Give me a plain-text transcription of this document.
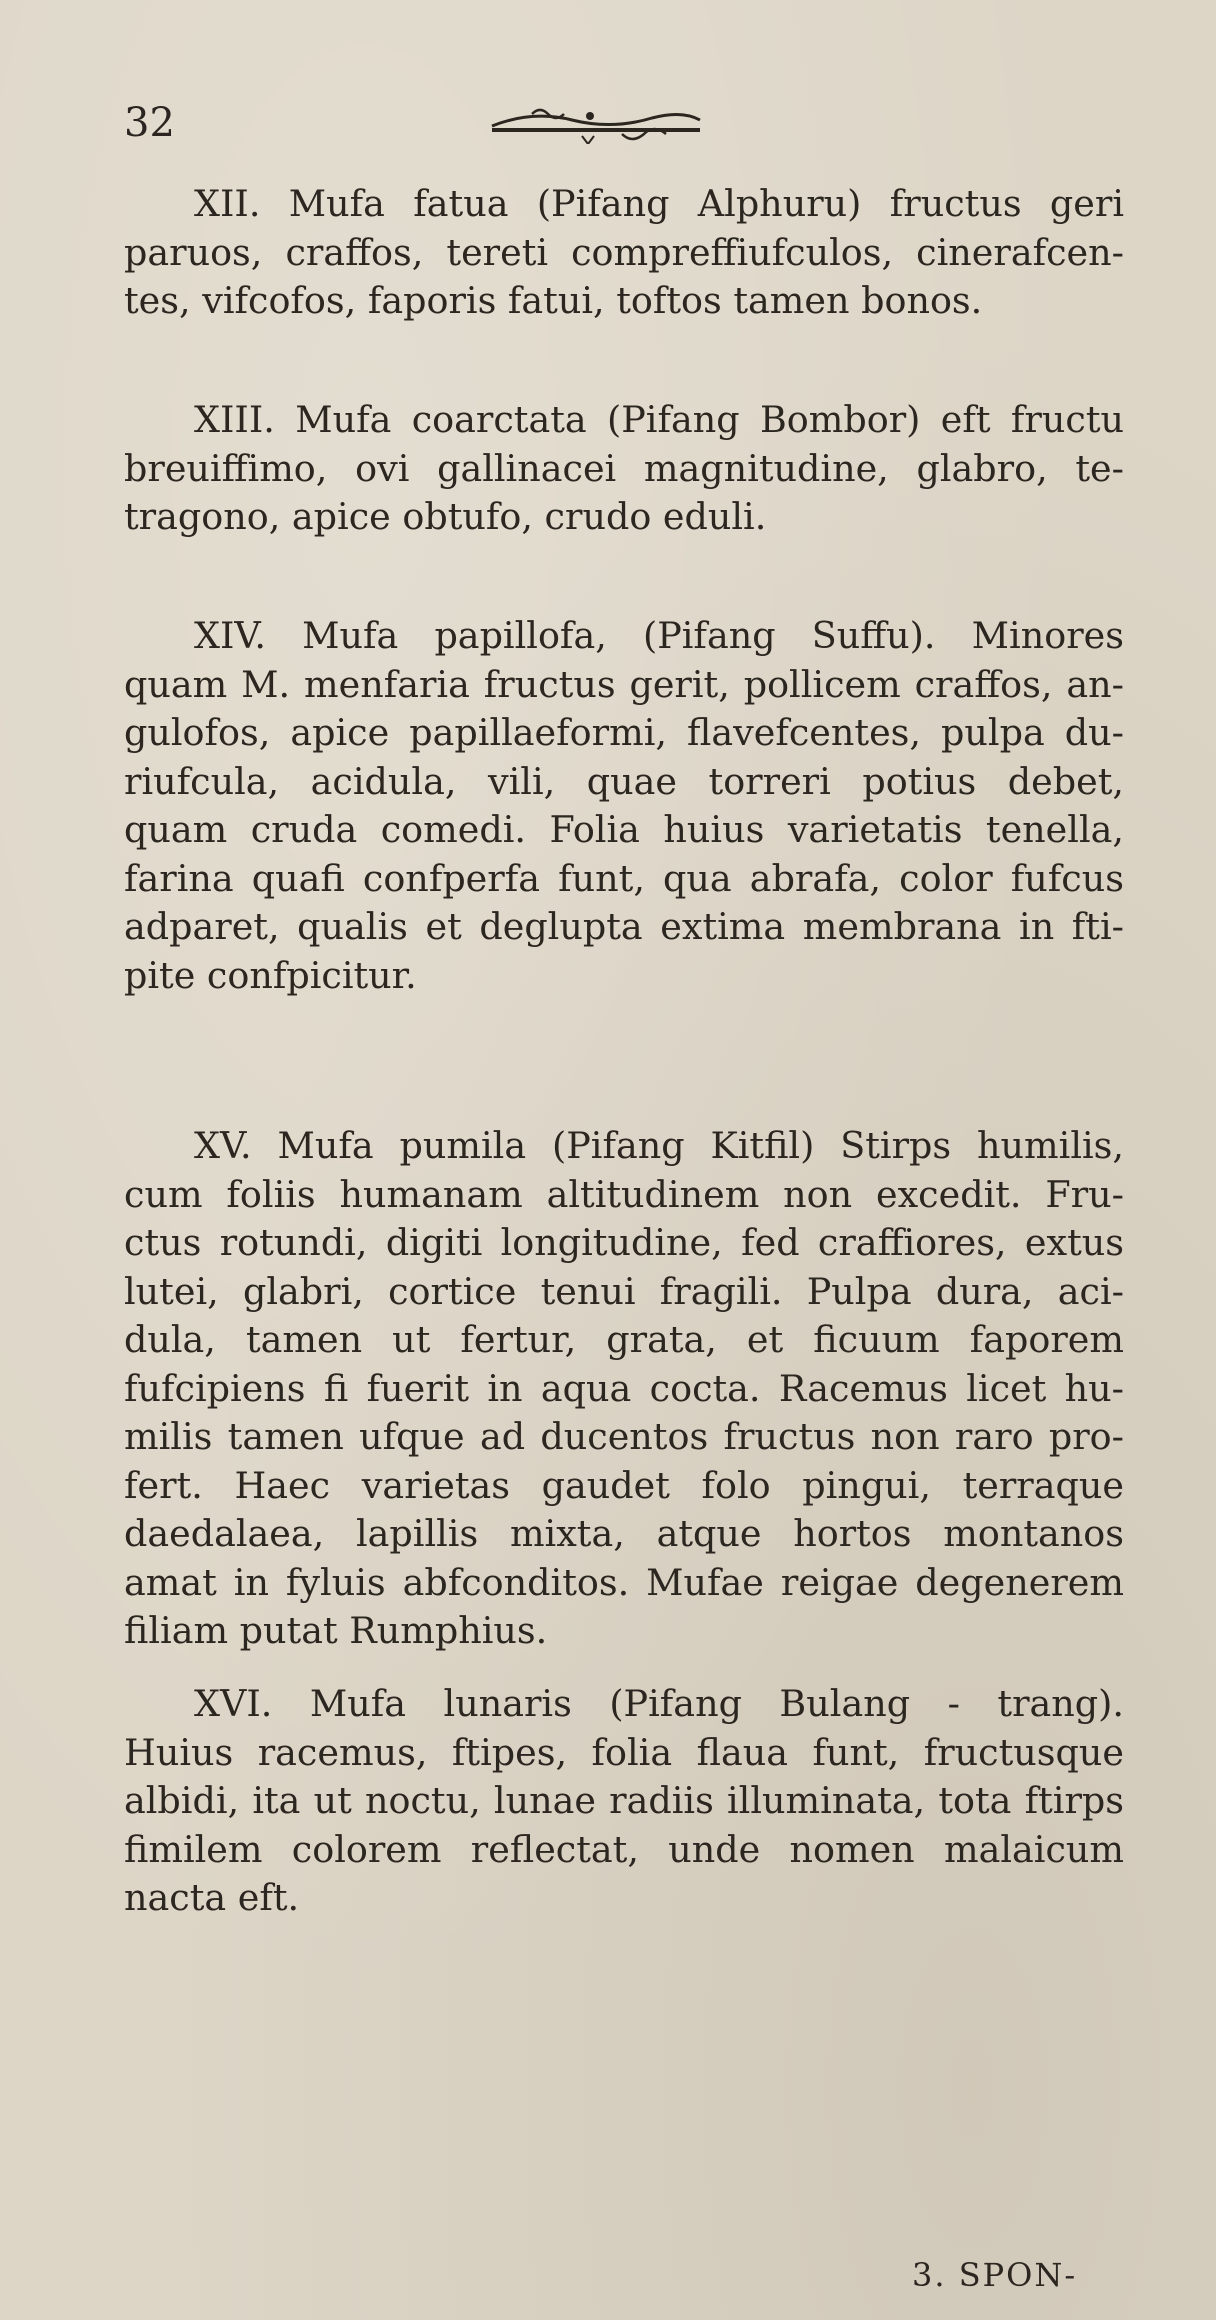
32
XII. Mufa fatua (Pifang Alphuru) fructus geri
paruos, craffos, tereti compreffiufculos, cinerafcen-
tes, vifcofos, faporis fatui, toftos tamen bonos.
XIII. Mufa coarctata (Pifang Bombor) eft fructu
breuiffimo, ovi gallinacei magnitudine, glabro, te-
tragono, apice obtufo, crudo eduli.
XIV. Mufa papillofa, (Pifang Suffu). Minores
quam M. menfaria fructus gerit, pollicem craffos, an-
gulofos, apice papillaeformi, flavefcentes, pulpa du-
riufcula, acidula, vili, quae torreri potius debet,
quam cruda comedi. Folia huius varietatis tenella,
farina quafi confperfa funt, qua abrafa, color fufcus
adparet, qualis et deglupta extima membrana in fti-
pite confpicitur.
XV. Mufa pumila (Pifang Kitfil) Stirps humilis,
cum foliis humanam altitudinem non excedit. Fru-
ctus rotundi, digiti longitudine, fed craffiores, extus
lutei, glabri, cortice tenui fragili. Pulpa dura, aci-
dula, tamen ut fertur, grata, et ficuum faporem
fufcipiens fi fuerit in aqua cocta. Racemus licet hu-
milis tamen ufque ad ducentos fructus non raro pro-
fert. Haec varietas gaudet folo pingui, terraque
daedalaea, lapillis mixta, atque hortos montanos
amat in fyluis abfconditos. Mufae reigae degenerem
filiam putat Rumphius.
XVI. Mufa lunaris (Pifang Bulang - trang).
Huius racemus, ftipes, folia flaua funt, fructusque
albidi, ita ut noctu, lunae radiis illuminata, tota ftirps
fimilem colorem reflectat, unde nomen malaicum
nacta eft.
3. SPON-
